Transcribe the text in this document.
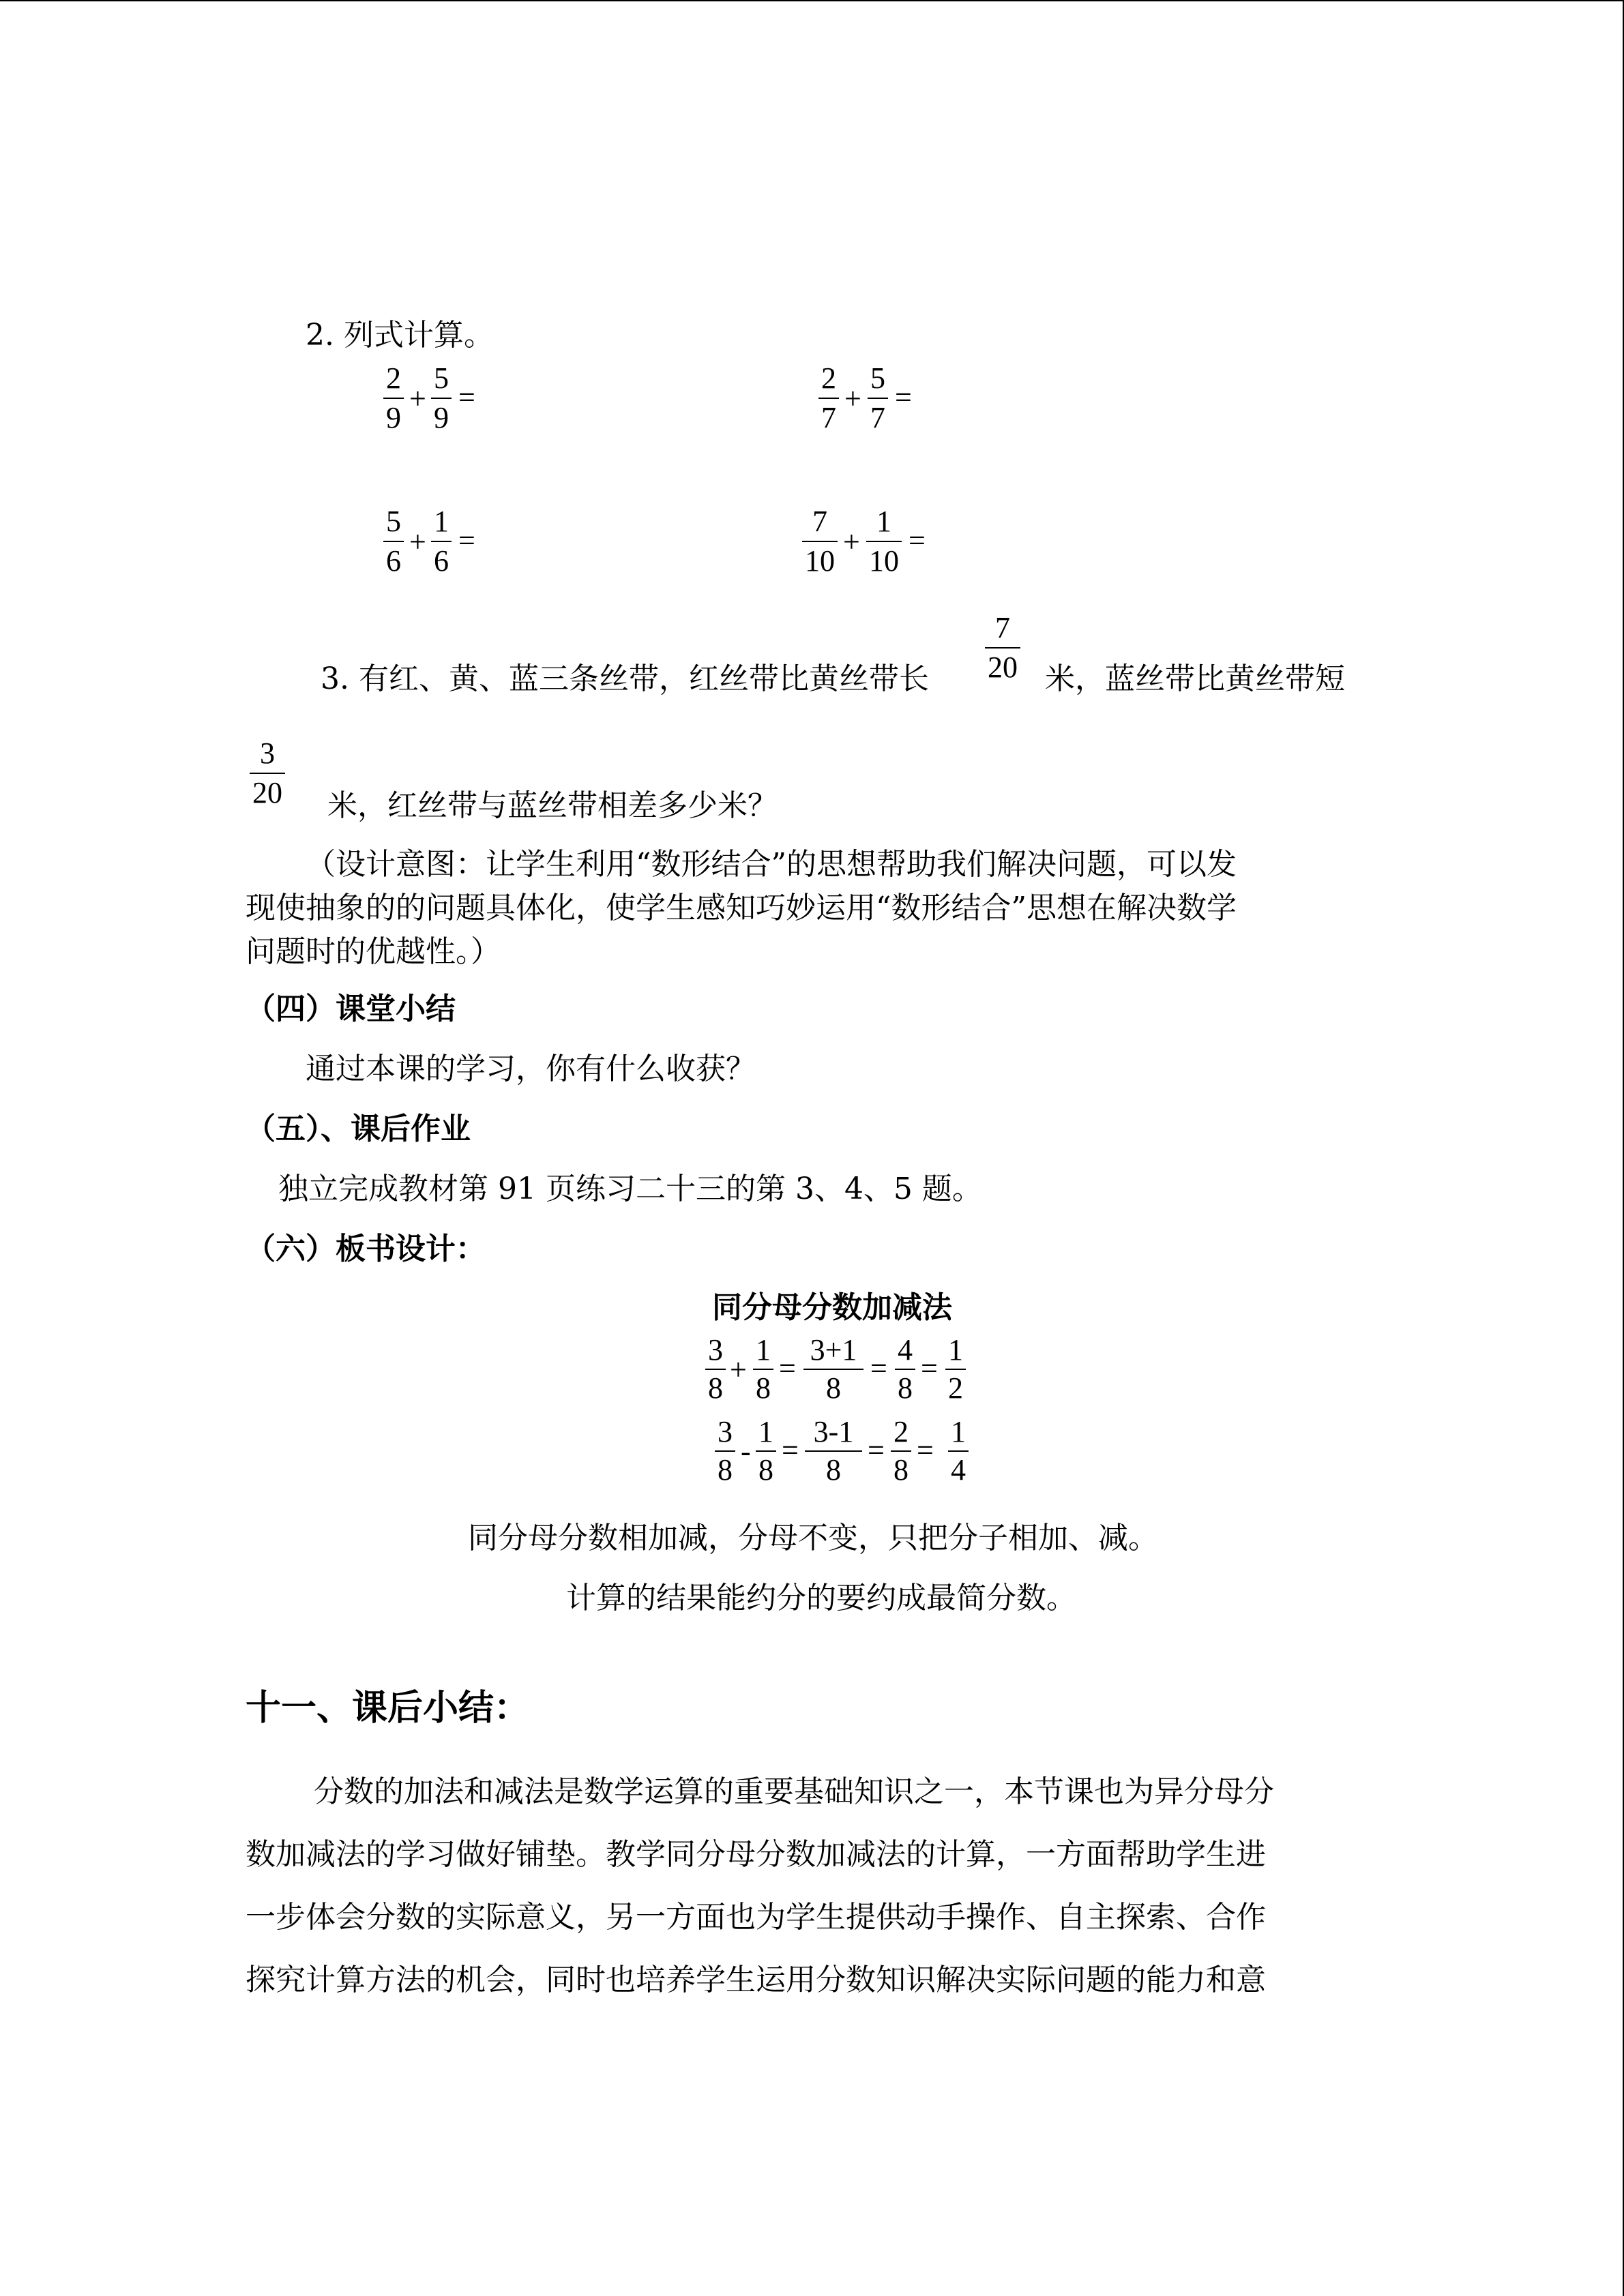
2. 列式计算。
2
9
+
5
9
=
2
7
+
5
7
=
5
6
+
1
6
=
7
10
+
1
10
=
3. 有红、黄、蓝三条丝带，红丝带比黄丝带长
7
20 米，蓝丝带比黄丝带短
3
20 米，红丝带与蓝丝带相差多少米？
（设计意图：让学生利用“数形结合”的思想帮助我们解决问题，可以发
现使抽象的的问题具体化，使学生感知巧妙运用“数形结合”思想在解决数学
问题时的优越性。）
（四）课堂小结
通过本课的学习，你有什么收获？
（五）、课后作业
独立完成教材第 91 页练习二十三的第 3、4、5 题。
（六）板书设计：
同分母分数加减法
3
8
+
1
8
=
3+1
8
=
4
8
=
1
2
3
8
-
1
8
=
3-1
8
=
2
8
=
1
4
同分母分数相加减，分母不变，只把分子相加、减。
计算的结果能约分的要约成最简分数。
十一、课后小结：
分数的加法和减法是数学运算的重要基础知识之一，本节课也为异分母分
数加减法的学习做好铺垫。教学同分母分数加减法的计算，一方面帮助学生进
一步体会分数的实际意义，另一方面也为学生提供动手操作、自主探索、合作
探究计算方法的机会，同时也培养学生运用分数知识解决实际问题的能力和意
